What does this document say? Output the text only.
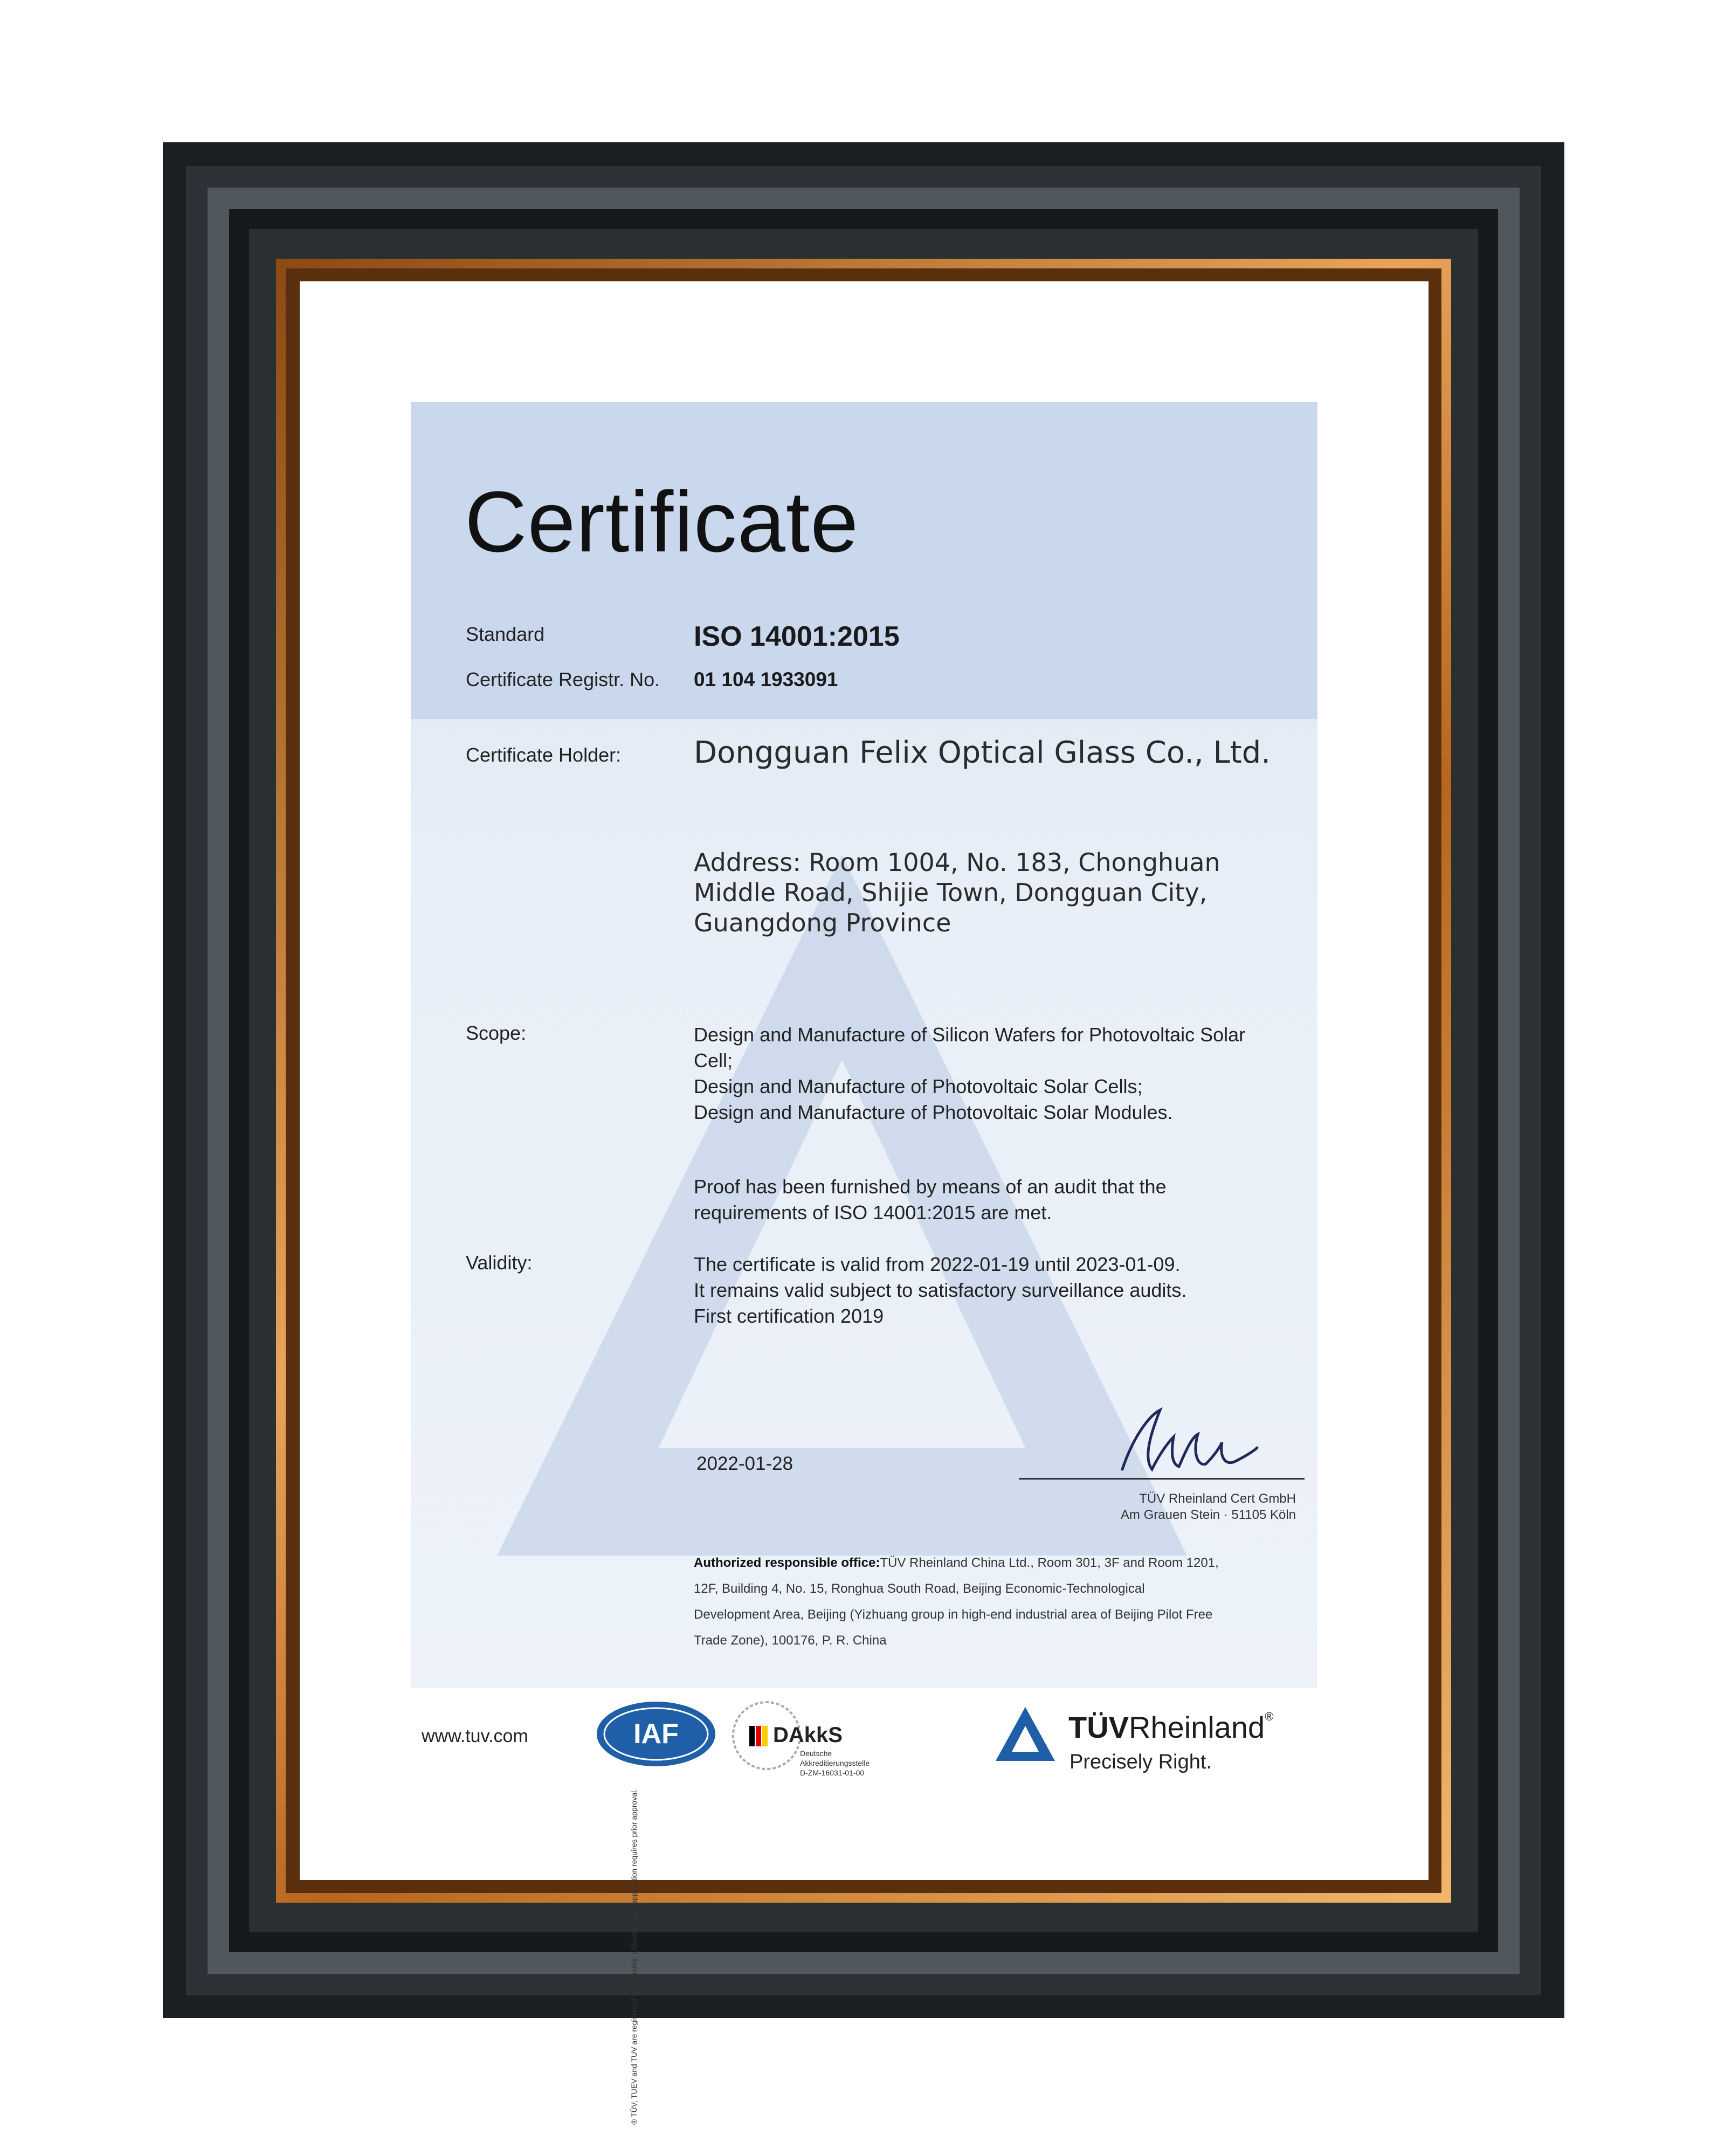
® TÜV, TUEV and TUV are registered trademarks. Utilisation and application requires prior approval.
Certificate
Standard	ISO 14001:2015
Certificate Registr. No. 01 104 1933091
Certificate Holder: Dongguan Felix Optical Glass Co., Ltd.
Address: Room 1004, No. 183, Chonghuan
Middle Road, Shijie Town, Dongguan City,
Guangdong Province
Scope:	Design and Manufacture of Silicon Wafers for Photovoltaic Solar
Cell;
Design and Manufacture of Photovoltaic Solar Cells;
Design and Manufacture of Photovoltaic Solar Modules.
Proof has been furnished by means of an audit that the
requirements of ISO 14001:2015 are met.
Validity:	The certificate is valid from 2022-01-19 until 2023-01-09.
It remains valid subject to satisfactory surveillance audits.
First certification 2019
2022-01-28
TÜV Rheinland Cert GmbH
Am Grauen Stein · 51105 Köln
Authorized responsible office:TÜV Rheinland China Ltd., Room 301, 3F and Room 1201,
12F, Building 4, No. 15, Ronghua South Road, Beijing Economic-Technological
Development Area, Beijing (Yizhuang group in high-end industrial area of Beijing Pilot Free
Trade Zone), 100176, P. R. China
www.tuv.com	IAF	DAkkS
Deutsche
Akkreditierungsstelle
D-ZM-16031-01-00
TÜVRheinland®
Precisely Right.
